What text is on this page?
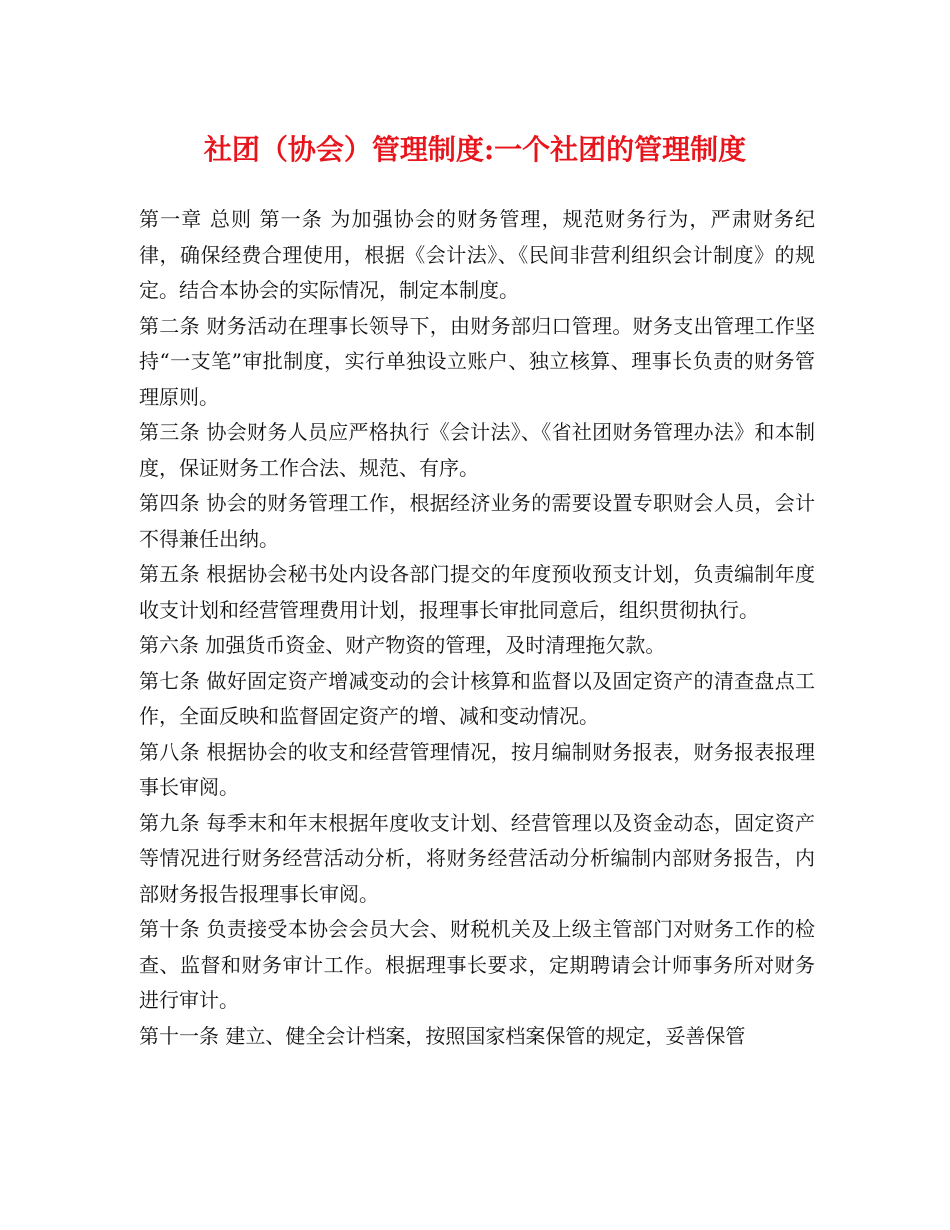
社团（协会）管理制度:一个社团的管理制度

第一章 总则 第一条 为加强协会的财务管理，规范财务行为，严肃财务纪律，确保经费合理使用，根据《会计法》、《民间非营利组织会计制度》的规定。结合本协会的实际情况，制定本制度。

第二条 财务活动在理事长领导下，由财务部归口管理。财务支出管理工作坚持“一支笔”审批制度，实行单独设立账户、独立核算、理事长负责的财务管理原则。

第三条 协会财务人员应严格执行《会计法》、《省社团财务管理办法》和本制度，保证财务工作合法、规范、有序。

第四条 协会的财务管理工作，根据经济业务的需要设置专职财会人员，会计不得兼任出纳。

第五条 根据协会秘书处内设各部门提交的年度预收预支计划，负责编制年度收支计划和经营管理费用计划，报理事长审批同意后，组织贯彻执行。

第六条 加强货币资金、财产物资的管理，及时清理拖欠款。

第七条 做好固定资产增减变动的会计核算和监督以及固定资产的清查盘点工作，全面反映和监督固定资产的增、减和变动情况。

第八条 根据协会的收支和经营管理情况，按月编制财务报表，财务报表报理事长审阅。

第九条 每季末和年末根据年度收支计划、经营管理以及资金动态，固定资产等情况进行财务经营活动分析，将财务经营活动分析编制内部财务报告，内部财务报告报理事长审阅。

第十条 负责接受本协会会员大会、财税机关及上级主管部门对财务工作的检查、监督和财务审计工作。根据理事长要求，定期聘请会计师事务所对财务进行审计。

第十一条 建立、健全会计档案，按照国家档案保管的规定，妥善保管
